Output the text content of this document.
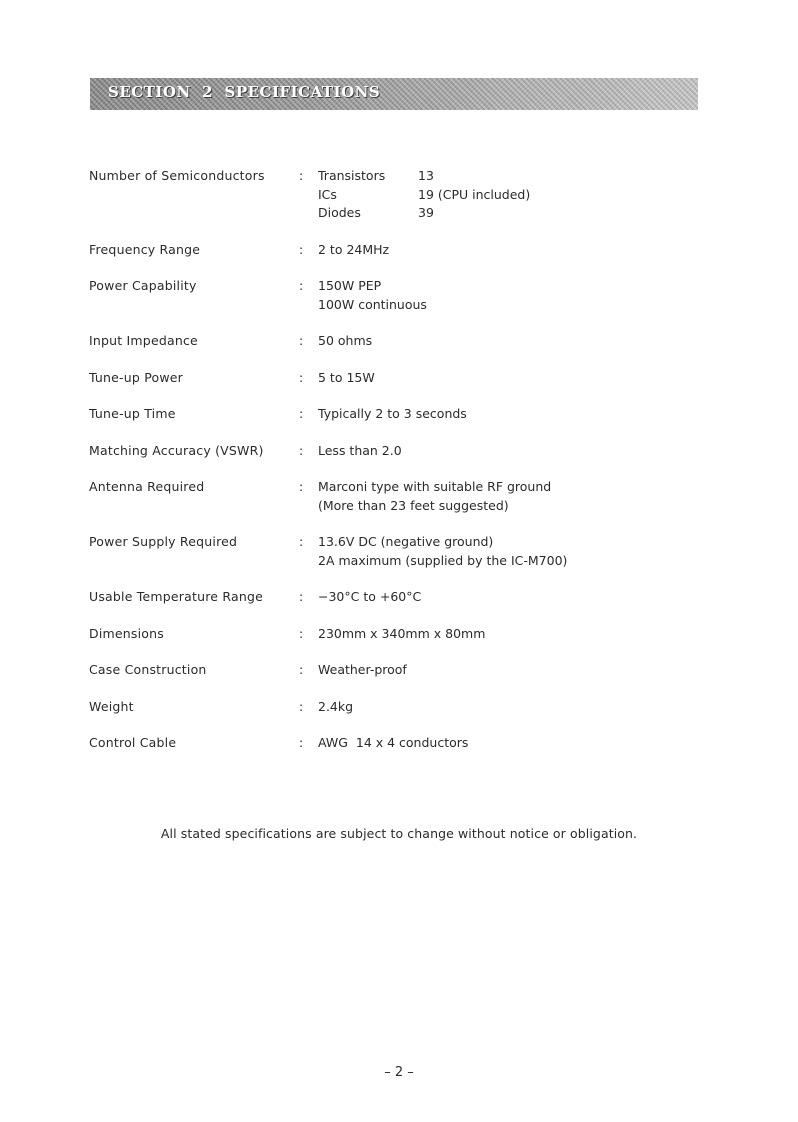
SECTION  2  SPECIFICATIONS
Number of Semiconductors	:	Transistors	13
ICs	19 (CPU included)
Diodes	39
Frequency Range	:	2 to 24MHz
Power Capability	:	150W PEP
100W continuous
Input Impedance	:	50 ohms
Tune-up Power	:	5 to 15W
Tune-up Time	:	Typically 2 to 3 seconds
Matching Accuracy (VSWR)	:	Less than 2.0
Antenna Required	:	Marconi type with suitable RF ground
(More than 23 feet suggested)
Power Supply Required	:	13.6V DC (negative ground)
2A maximum (supplied by the IC-M700)
Usable Temperature Range	:	−30°C to +60°C
Dimensions	:	230mm x 340mm x 80mm
Case Construction	:	Weather-proof
Weight	:	2.4kg
Control Cable	:	AWG  14 x 4 conductors
All stated specifications are subject to change without notice or obligation.
– 2 –
